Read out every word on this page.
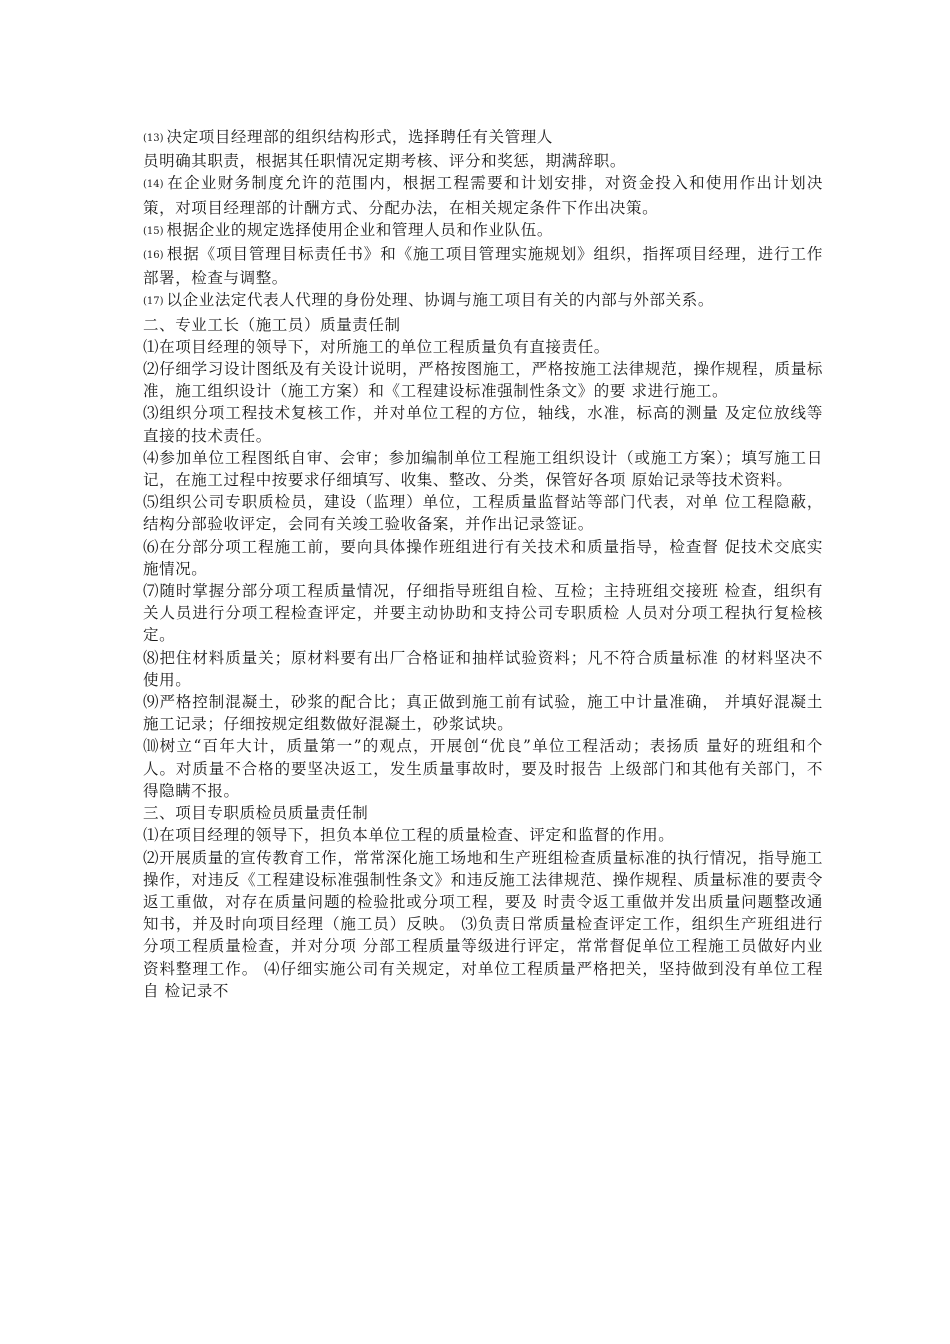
(13) 决定项目经理部的组织结构形式，选择聘任有关管理人

员明确其职责，根据其任职情况定期考核、评分和奖惩，期满辞职。

(14) 在企业财务制度允许的范围内，根据工程需要和计划安排，对资金投入和使用作出计划决策，对项目经理部的计酬方式、分配办法，在相关规定条件下作出决策。

(15) 根据企业的规定选择使用企业和管理人员和作业队伍。

(16) 根据《项目管理目标责任书》和《施工项目管理实施规划》组织，指挥项目经理，进行工作部署，检查与调整。

(17) 以企业法定代表人代理的身份处理、协调与施工项目有关的内部与外部关系。

二、专业工长（施工员）质量责任制

⑴在项目经理的领导下，对所施工的单位工程质量负有直接责任。

⑵仔细学习设计图纸及有关设计说明，严格按图施工，严格按施工法律规范，操作规程，质量标准，施工组织设计（施工方案）和《工程建设标准强制性条文》的要 求进行施工。

⑶组织分项工程技术复核工作，并对单位工程的方位，轴线，水准，标高的测量 及定位放线等直接的技术责任。

⑷参加单位工程图纸自审、会审；参加编制单位工程施工组织设计（或施工方案）；填写施工日记，在施工过程中按要求仔细填写、收集、整改、分类，保管好各项 原始记录等技术资料。

⑸组织公司专职质检员，建设（监理）单位，工程质量监督站等部门代表，对单 位工程隐蔽，结构分部验收评定，会同有关竣工验收备案，并作出记录签证。

⑹在分部分项工程施工前，要向具体操作班组进行有关技术和质量指导，检查督 促技术交底实施情况。

⑺随时掌握分部分项工程质量情况，仔细指导班组自检、互检；主持班组交接班 检查，组织有关人员进行分项工程检查评定，并要主动协助和支持公司专职质检 人员对分项工程执行复检核定。

⑻把住材料质量关；原材料要有出厂合格证和抽样试验资料；凡不符合质量标准 的材料坚决不使用。

⑼严格控制混凝土，砂浆的配合比；真正做到施工前有试验，施工中计量准确， 并填好混凝土施工记录；仔细按规定组数做好混凝土，砂浆试块。

⑽树立“百年大计，质量第一”的观点，开展创“优良”单位工程活动；表扬质 量好的班组和个人。对质量不合格的要坚决返工，发生质量事故时，要及时报告 上级部门和其他有关部门，不得隐瞒不报。

三、项目专职质检员质量责任制

⑴在项目经理的领导下，担负本单位工程的质量检查、评定和监督的作用。

⑵开展质量的宣传教育工作，常常深化施工场地和生产班组检查质量标准的执行情况，指导施工操作，对违反《工程建设标准强制性条文》和违反施工法律规范、操作规程、质量标准的要责令返工重做，对存在质量问题的检验批或分项工程，要及 时责令返工重做并发出质量问题整改通知书，并及时向项目经理（施工员）反映。 ⑶负责日常质量检查评定工作，组织生产班组进行分项工程质量检查，并对分项 分部工程质量等级进行评定，常常督促单位工程施工员做好内业资料整理工作。 ⑷仔细实施公司有关规定，对单位工程质量严格把关，坚持做到没有单位工程自 检记录不
